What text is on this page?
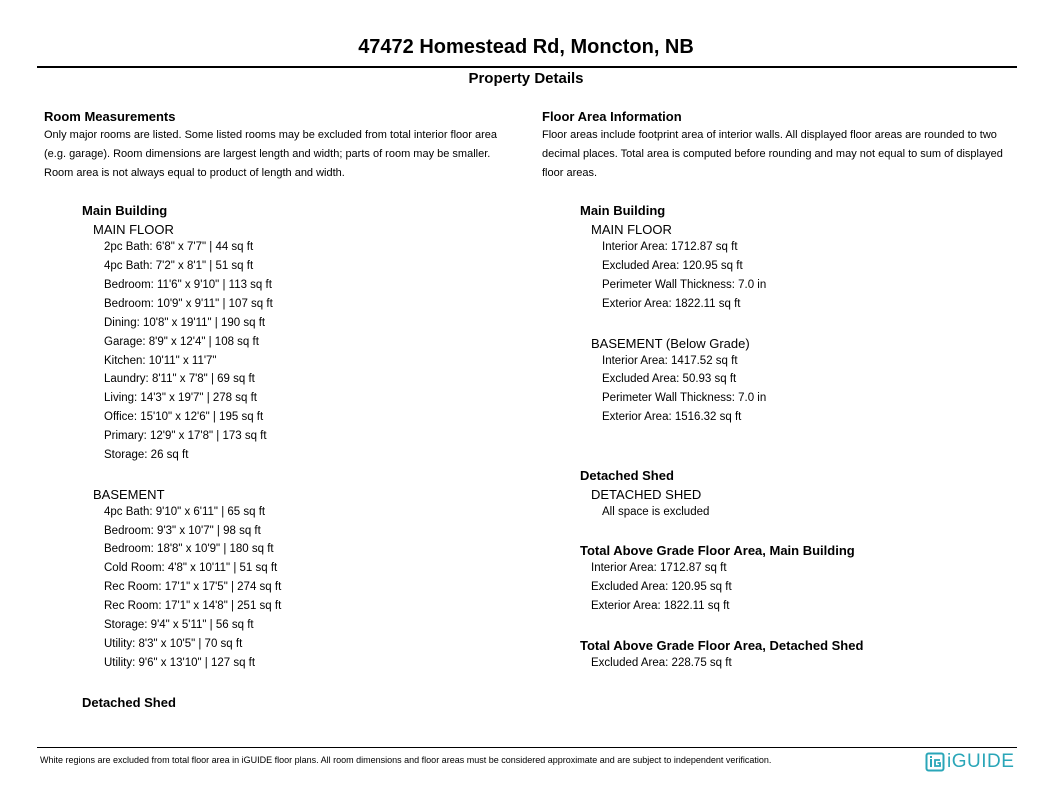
47472 Homestead Rd, Moncton, NB
Property Details
Room Measurements
Only major rooms are listed. Some listed rooms may be excluded from total interior floor area
(e.g. garage). Room dimensions are largest length and width; parts of room may be smaller.
Room area is not always equal to product of length and width.
Main Building
MAIN FLOOR
2pc Bath: 6'8" x 7'7" | 44 sq ft
4pc Bath: 7'2" x 8'1" | 51 sq ft
Bedroom: 11'6" x 9'10" | 113 sq ft
Bedroom: 10'9" x 9'11" | 107 sq ft
Dining: 10'8" x 19'11" | 190 sq ft
Garage: 8'9" x 12'4" | 108 sq ft
Kitchen: 10'11" x 11'7"
Laundry: 8'11" x 7'8" | 69 sq ft
Living: 14'3" x 19'7" | 278 sq ft
Office: 15'10" x 12'6" | 195 sq ft
Primary: 12'9" x 17'8" | 173 sq ft
Storage: 26 sq ft
BASEMENT
4pc Bath: 9'10" x 6'11" | 65 sq ft
Bedroom: 9'3" x 10'7" | 98 sq ft
Bedroom: 18'8" x 10'9" | 180 sq ft
Cold Room: 4'8" x 10'11" | 51 sq ft
Rec Room: 17'1" x 17'5" | 274 sq ft
Rec Room: 17'1" x 14'8" | 251 sq ft
Storage: 9'4" x 5'11" | 56 sq ft
Utility: 8'3" x 10'5" | 70 sq ft
Utility: 9'6" x 13'10" | 127 sq ft
Detached Shed
Floor Area Information
Floor areas include footprint area of interior walls. All displayed floor areas are rounded to two
decimal places. Total area is computed before rounding and may not equal to sum of displayed
floor areas.
Main Building
MAIN FLOOR
Interior Area: 1712.87 sq ft
Excluded Area: 120.95 sq ft
Perimeter Wall Thickness: 7.0 in
Exterior Area: 1822.11 sq ft
BASEMENT (Below Grade)
Interior Area: 1417.52 sq ft
Excluded Area: 50.93 sq ft
Perimeter Wall Thickness: 7.0 in
Exterior Area: 1516.32 sq ft
Detached Shed
DETACHED SHED
All space is excluded
Total Above Grade Floor Area, Main Building
Interior Area: 1712.87 sq ft
Excluded Area: 120.95 sq ft
Exterior Area: 1822.11 sq ft
Total Above Grade Floor Area, Detached Shed
Excluded Area: 228.75 sq ft
White regions are excluded from total floor area in iGUIDE floor plans. All room dimensions and floor areas must be considered approximate and are subject to independent verification.	iGUIDE
